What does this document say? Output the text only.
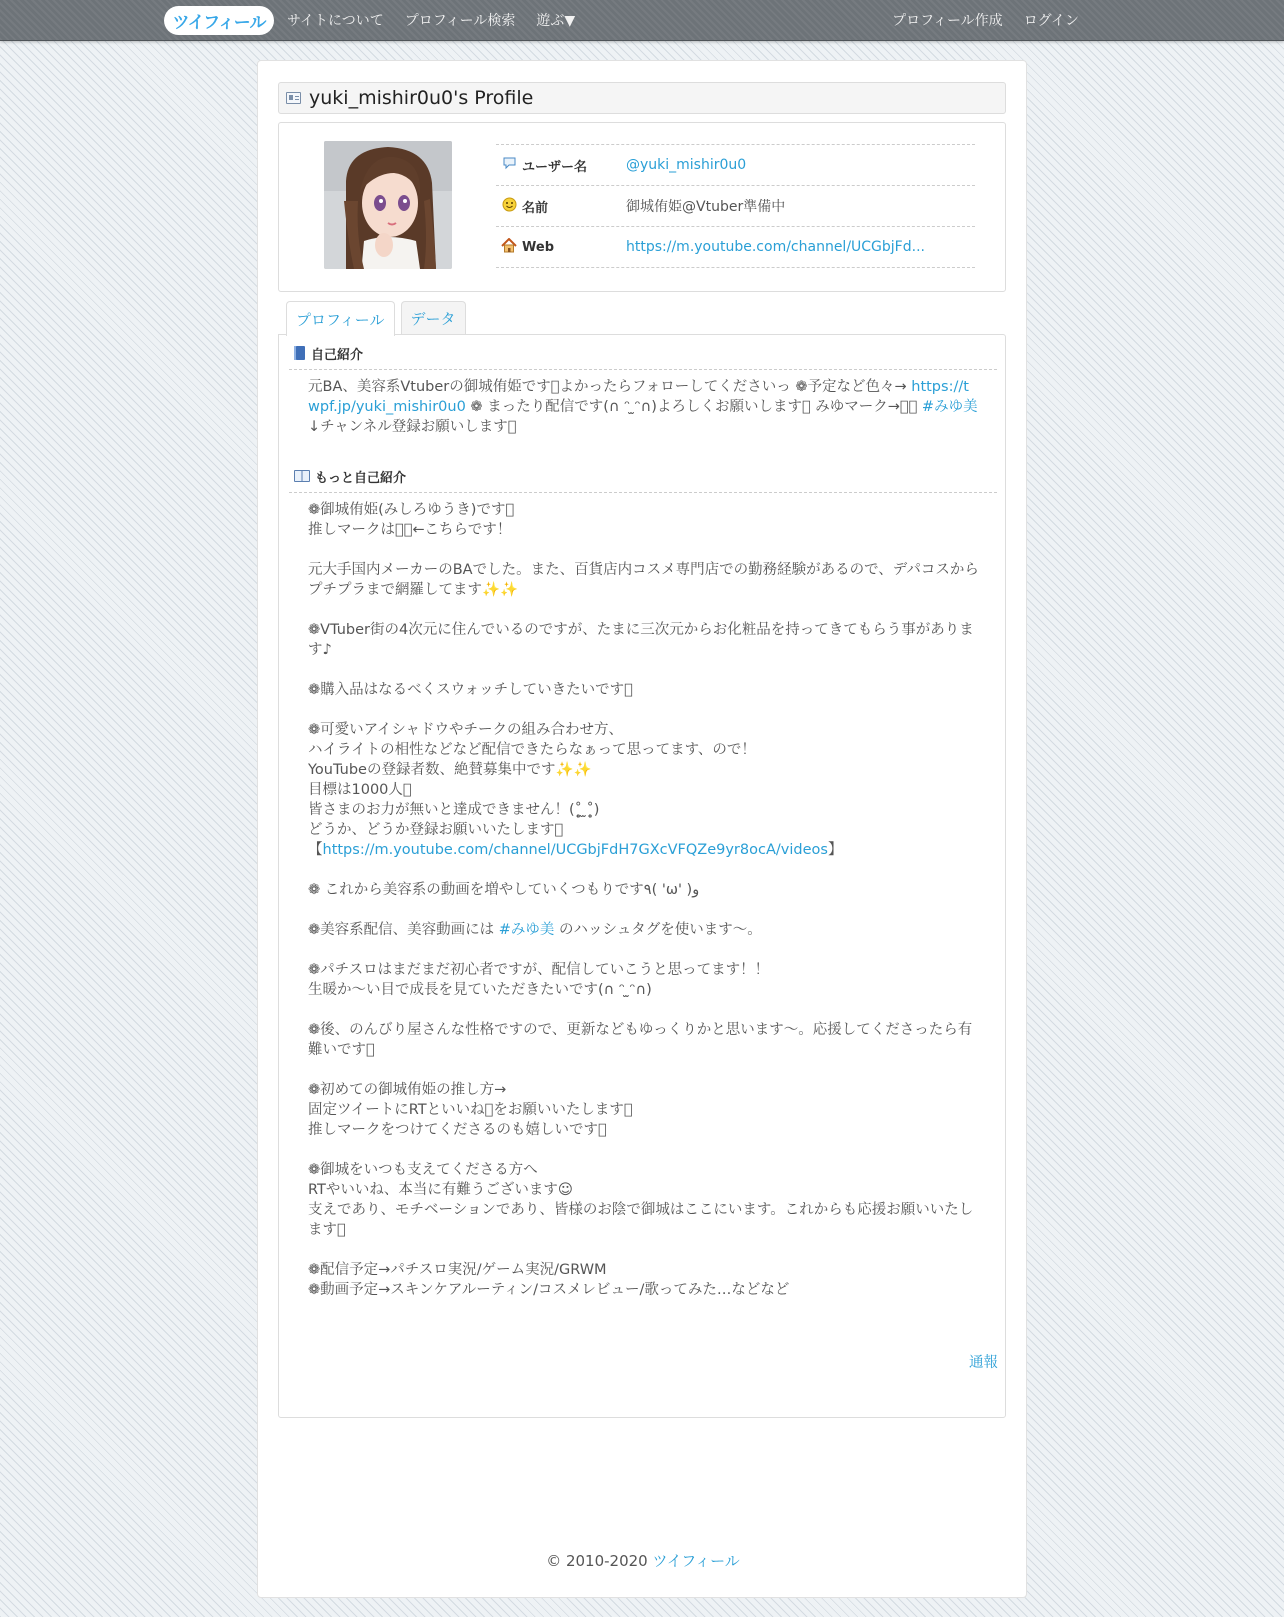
ツイフィール サイトについて プロフィール検索 遊ぶ▼	プロフィール作成 ログイン
yuki_mishir0u0's Profile
ユーザー名	@yuki_mishir0u0
名前	御城侑姫@Vtuber準備中
Web	https://m.youtube.com/channel/UCGbjFd...
プロフィール	データ
自己紹介
元BA、美容系Vtuberの御城侑姫です􀀀よかったらフォローしてくださいっ ❁予定など色々→ https://twpf.jp/yuki_mishir0u0 ❁ まったり配信です(∩ ᵔ ̫ᵔ∩)よろしくお願いします􀀀 みゆマーク→􀀀􀀀 #みゆ美 ↓チャンネル登録お願いします􀀀
もっと自己紹介
❁御城侑姫(みしろゆうき)です􀀀
推しマークは􀀀􀀀←こちらです！

元大手国内メーカーのBAでした。また、百貨店内コスメ専門店での勤務経験があるので、デパコスからプチプラまで網羅してます✨✨

❁VTuber街の4次元に住んでいるのですが、たまに三次元からお化粧品を持ってきてもらう事があります♪

❁購入品はなるべくスウォッチしていきたいです􀀀

❁可愛いアイシャドウやチークの組み合わせ方、
ハイライトの相性などなど配信できたらなぁって思ってます、ので！
YouTubeの登録者数、絶賛募集中です✨✨
目標は1000人􀀀
皆さまのお力が無いと達成できません！(˚̥̥̥̥̥ ̫˚̥̥̥̥̥)
どうか、どうか登録お願いいたします􀀀
【https://m.youtube.com/channel/UCGbjFdH7GXcVFQZe9yr8ocA/videos】

❁ これから美容系の動画を増やしていくつもりです٩( 'ω' )و

❁美容系配信、美容動画には #みゆ美 のハッシュタグを使います〜。

❁パチスロはまだまだ初心者ですが、配信していこうと思ってます！！
生暖か〜い目で成長を見ていただきたいです(∩ ᵔ ̫ᵔ∩)

❁後、のんびり屋さんな性格ですので、更新などもゆっくりかと思います〜。応援してくださったら有難いです􀀀

❁初めての御城侑姫の推し方→
固定ツイートにRTといいね􀀀をお願いいたします􀀀
推しマークをつけてくださるのも嬉しいです􀀀

❁御城をいつも支えてくださる方へ
RTやいいね、本当に有難うございます☺︎
支えであり、モチベーションであり、皆様のお陰で御城はここにいます。これからも応援お願いいたします􀀀

❁配信予定→パチスロ実況/ゲーム実況/GRWM
❁動画予定→スキンケアルーティン/コスメレビュー/歌ってみた…などなど
通報
© 2010-2020 ツイフィール
